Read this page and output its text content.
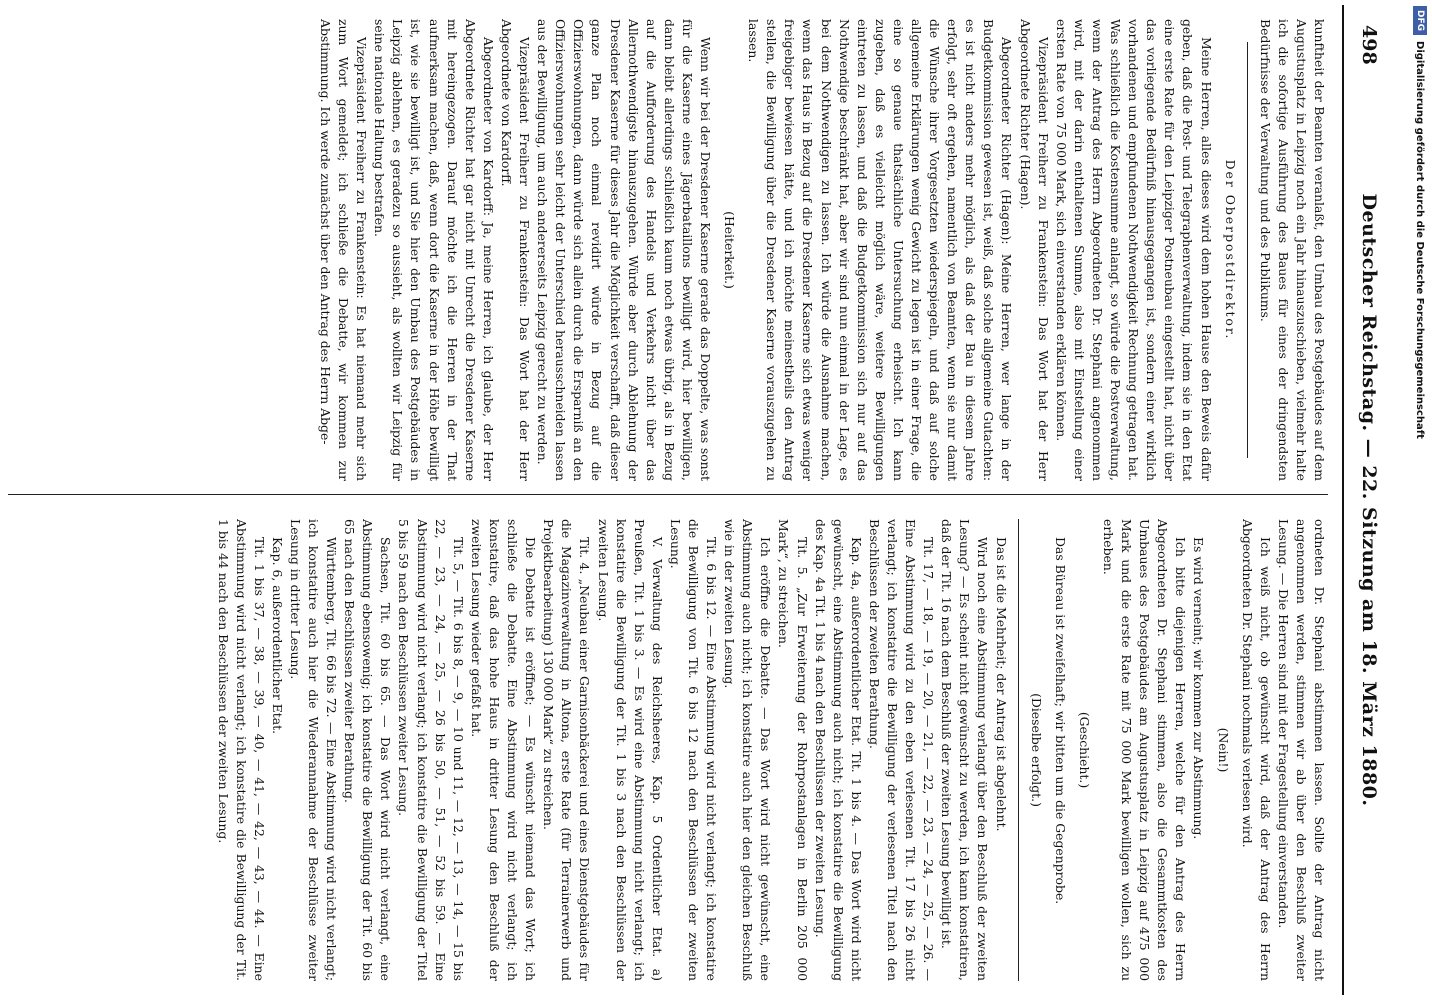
498
Deutscher Reichstag. — 22. Sitzung am 18. März 1880.

kunftheit der Beamten veranlaßt, den Umbau des Postgebäudes auf dem Augustusplatz in Leipzig noch ein Jahr hinauszuschieben, vielmehr halte ich die sofortige Ausführung des Baues für eines der dringendsten Bedürfnisse der Verwaltung und des Publikums.

Der Oberpostdirektor.

Meine Herren, alles dieses wird dem hohen Hause den Beweis dafür geben, daß die Post- und Telegraphenverwaltung, indem sie in den Etat eine erste Rate für den Leipziger Postneubau eingestellt hat, nicht über das vorliegende Bedürfniß hinausgegangen ist, sondern einer wirklich vorhandenen und empfundenen Nothwendigkeit Rechnung getragen hat. Was schließlich die Kostensumme anlangt, so würde die Postverwaltung, wenn der Antrag des Herrn Abgeordneten Dr. Stephani angenommen wird, mit der darin enthaltenen Summe, also mit Einstellung einer ersten Rate von 75 000 Mark, sich einverstanden erklären können.

Vizepräsident Freiherr zu Frankenstein: Das Wort hat der Herr Abgeordnete Richter (Hagen).

Abgeordneter Richter (Hagen): Meine Herren, wer lange in der Budgetkommission gewesen ist, weiß, daß solche allgemeine Gutachten: es ist nicht anders mehr möglich, als daß der Bau in diesem Jahre erfolgt, sehr oft ergehen, namentlich von Beamten, wenn sie nur damit die Wünsche ihrer Vorgesetzten wiederspiegeln, und daß auf solche allgemeine Erklärungen wenig Gewicht zu legen ist in einer Frage, die eine so genaue thatsächliche Untersuchung erheischt. Ich kann zugeben, daß es vielleicht möglich wäre, weitere Bewilligungen eintreten zu lassen, und daß die Budgetkommission sich nur auf das Nothwendige beschränkt hat, aber wir sind nun einmal in der Lage, es bei dem Nothwendigen zu lassen. Ich würde die Ausnahme machen, wenn das Haus in Bezug auf die Dresdener Kaserne sich etwas weniger freigebiger bewiesen hätte, und ich möchte meinestheils den Antrag stellen, die Bewilligung über die Dresdener Kaserne vorauszugehen zu lassen.

(Heiterkeit.)

Wenn wir bei der Dresdener Kaserne gerade das Doppelte, was sonst für die Kaserne eines Jägerbataillons bewilligt wird, hier bewilligen, dann bleibt allerdings schließlich kaum noch etwas übrig, als in Bezug auf die Aufforderung des Handels und Verkehrs nicht über das Allernothwendigste hinauszugehen. Würde aber durch Ablehnung der Dresdener Kaserne für dieses Jahr die Möglichkeit verschafft, daß dieser ganze Plan noch einmal revidirt würde in Bezug auf die Offizierswohnungen, dann würde sich allein durch die Ersparniß an den Offizierswohnungen sehr leicht der Unterschied herausschneiden lassen aus der Bewilligung, um auch andererseits Leipzig gerecht zu werden.

Vizepräsident Freiherr zu Frankenstein: Das Wort hat der Herr Abgeordnete von Kardorff.

Abgeordneter von Kardorff: Ja, meine Herren, ich glaube, der Herr Abgeordnete Richter hat gar nicht mit Unrecht die Dresdener Kaserne mit hereingezogen. Darauf möchte ich die Herren in der That aufmerksam machen, daß, wenn dort die Kaserne in der Höhe bewilligt ist, wie sie bewilligt ist, und Sie hier den Umbau des Postgebäudes in Leipzig ablehnen, es geradezu so aussieht, als wollten wir Leipzig für seine nationale Haltung bestrafen.

Vizepräsident Freiherr zu Frankenstein: Es hat niemand mehr sich zum Wort gemeldet; ich schließe die Debatte, wir kommen zur Abstimmung. Ich werde zunächst über den Antrag des Herrn Abge-

ordneten Dr. Stephani abstimmen lassen. Sollte der Antrag nicht angenommen werden, stimmen wir ab über den Beschluß zweiter Lesung. — Die Herren sind mit der Fragestellung einverstanden.

Ich weiß nicht, ob gewünscht wird, daß der Antrag des Herrn Abgeordneten Dr. Stephani nochmals verlesen wird.

(Nein!)

Es wird verneint; wir kommen zur Abstimmung.

Ich bitte diejenigen Herren, welche für den Antrag des Herrn Abgeordneten Dr. Stephani stimmen, also die Gesammtkosten des Umbaues des Postgebäudes am Augustusplatz in Leipzig auf 475 000 Mark und die erste Rate mit 75 000 Mark bewilligen wollen, sich zu erheben.

(Geschieht.)

Das Büreau ist zweifelhaft; wir bitten um die Gegenprobe.

(Dieselbe erfolgt.)

Das ist die Mehrheit; der Antrag ist abgelehnt.

Wird noch eine Abstimmung verlangt über den Beschluß der zweiten Lesung? — Es scheint nicht gewünscht zu werden, ich kann konstatiren, daß der Tit. 16 nach dem Beschluß der zweiten Lesung bewilligt ist.

Tit. 17, — 18, — 19, — 20, — 21, — 22, — 23, — 24, — 25, — 26. — Eine Abstimmung wird zu den eben verlesenen Tit. 17 bis 26 nicht verlangt; ich konstatire die Bewilligung der verlesenen Titel nach den Beschlüssen der zweiten Berathung.

Kap. 4a, außerordentlicher Etat. Tit. 1 bis 4. — Das Wort wird nicht gewünscht, eine Abstimmung auch nicht; ich konstatire die Bewilligung des Kap. 4a Tit. 1 bis 4 nach den Beschlüssen der zweiten Lesung.

Tit. 5. „Zur Erweiterung der Rohrpostanlagen in Berlin 205 000 Mark“, zu streichen.

Ich eröffne die Debatte. — Das Wort wird nicht gewünscht, eine Abstimmung auch nicht; ich konstatire auch hier den gleichen Beschluß wie in der zweiten Lesung.

Tit. 6 bis 12. — Eine Abstimmung wird nicht verlangt; ich konstatire die Bewilligung von Tit. 6 bis 12 nach den Beschlüssen der zweiten Lesung.

V. Verwaltung des Reichsheeres, Kap. 5 Ordentlicher Etat. a) Preußen, Tit. 1 bis 3. — Es wird eine Abstimmung nicht verlangt; ich konstatire die Bewilligung der Tit. 1 bis 3 nach den Beschlüssen der zweiten Lesung.

Tit. 4. „Neubau einer Garnisonbäckerei und eines Dienstgebäudes für die Magazinverwaltung in Altona, erste Rate (für Terrainerwerb und Projektbearbeitung) 130 000 Mark“ zu streichen.

Die Debatte ist eröffnet; — Es wünscht niemand das Wort; ich schließe die Debatte. Eine Abstimmung wird nicht verlangt; ich konstatire, daß das hohe Haus in dritter Lesung den Beschluß der zweiten Lesung wieder gefaßt hat.

Tit. 5, — Tit. 6 bis 8, — 9, — 10 und 11, — 12, — 13, — 14, — 15 bis 22, — 23, — 24, — 25, — 26 bis 50, — 51, — 52 bis 59. — Eine Abstimmung wird nicht verlangt; ich konstatire die Bewilligung der Titel 5 bis 59 nach den Beschlüssen zweiter Lesung.

Sachsen, Tit. 60 bis 65. — Das Wort wird nicht verlangt, eine Abstimmung ebensowenig; ich konstatire die Bewilligung der Tit. 60 bis 65 nach den Beschlüssen zweiter Berathung.

Württemberg, Tit. 66 bis 72. — Eine Abstimmung wird nicht verlangt; ich konstatire auch hier die Wiederannahme der Beschlüsse zweiter Lesung in dritter Lesung.

Kap. 6, außerordentlicher Etat.

Tit. 1 bis 37, — 38, — 39, — 40, — 41, — 42, — 43, — 44. — Eine Abstimmung wird nicht verlangt; ich konstatire die Bewilligung der Tit. 1 bis 44 nach den Beschlüssen der zweiten Lesung.

DFGDigitalisierung gefördert durch die Deutsche Forschungsgemeinschaft
